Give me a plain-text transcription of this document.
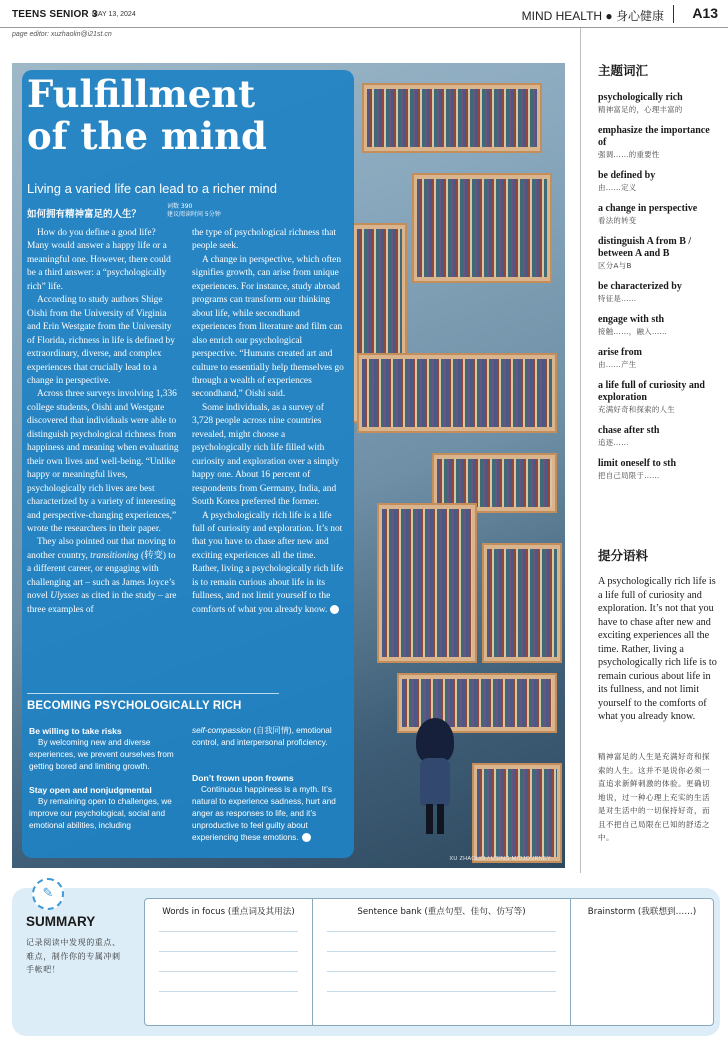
TEENS SENIOR 3
MAY 13, 2024	MIND HEALTH ● 身心健康 A13
page editor: xuzhaolin@i21st.cn
XU ZHAOLIN / USING MIDJOURNEY
Fulfillment
of the mind
Living a varied life can lead to a richer mind
如何拥有精神富足的人生？
词数 390
建议阅读时间 5分钟

How do you define a good life? Many would answer a happy life or a meaningful one. However, there could be a third answer: a “psychologically rich” life.

According to study authors Shige Oishi from the University of Virginia and Erin Westgate from the University of Florida, richness in life is defined by extraordinary, diverse, and complex experiences that crucially lead to a change in perspective.

Across three surveys involving 1,336 college students, Oishi and Westgate discovered that individuals were able to distinguish psychological richness from happiness and meaning when evaluating their own lives and well-being. “Unlike happy or meaningful lives, psychologically rich lives are best characterized by a variety of interesting and perspective-changing experiences,” wrote the researchers in their paper.

They also pointed out that moving to another country, transitioning (转变) to a different career, or engaging with challenging art – such as James Joyce’s novel Ulysses as cited in the study – are three examples of

the type of psychological richness that people seek.

A change in perspective, which often signifies growth, can arise from unique experiences. For instance, study abroad programs can transform our thinking about life, while secondhand experiences from literature and film can also enrich our psychological perspective. “Humans created art and culture to essentially help themselves go through a wealth of experiences secondhand,” Oishi said.

Some individuals, as a survey of 3,728 people across nine countries revealed, might choose a psychologically rich life filled with curiosity and exploration over a simply happy one. About 16 percent of respondents from Germany, India, and South Korea preferred the former.

A psychologically rich life is a life full of curiosity and exploration. It’s not that you have to chase after new and exciting experiences all the time. Rather, living a psychologically rich life is to remain curious about life in its fullness, and not limit yourself to the comforts of what you already know. T

BECOMING PSYCHOLOGICALLY RICH
Be willing to take risks

By welcoming new and diverse experiences, we prevent ourselves from getting bored and limiting growth.

Stay open and nonjudgmental

By remaining open to challenges, we improve our psychological, social and emotional abilities, including

self-compassion (自我同情), emotional control, and interpersonal proficiency.

Don’t frown upon frowns

Continuous happiness is a myth. It’s natural to experience sadness, hurt and anger as responses to life, and it’s unproductive to feel guilty about experiencing these emotions. T

主题词汇
psychologically rich
精神富足的，心理丰富的
emphasize the importance of
强调……的重要性
be defined by
由……定义
a change in perspective
看法的转变
distinguish A from B / between A and B
区分A与B
be characterized by
特征是……
engage with sth
接触……，融入……
arise from
由……产生
a life full of curiosity and exploration
充满好奇和探索的人生
chase after sth
追逐……
limit oneself to sth
把自己局限于……
提分语料
A psychologically rich life is a life full of curiosity and exploration. It’s not that you have to chase after new and exciting experiences all the time. Rather, living a psychologically rich life is to remain curious about life in its fullness, and not limit yourself to the comforts of what you already know.
精神富足的人生是充满好奇和探索的人生。这并不是说你必须一直追求新鲜刺激的体验。更确切地说，过一种心理上充实的生活是对生活中的一切保持好奇，而且不把自己局限在已知的舒适之中。
✎
SUMMARY
记录阅读中发现的重点、难点，制作你的专属冲刺手帐吧！
Words in focus (重点词及其用法)	Sentence bank (重点句型、佳句、仿写等)	Brainstorm (我联想到……)
